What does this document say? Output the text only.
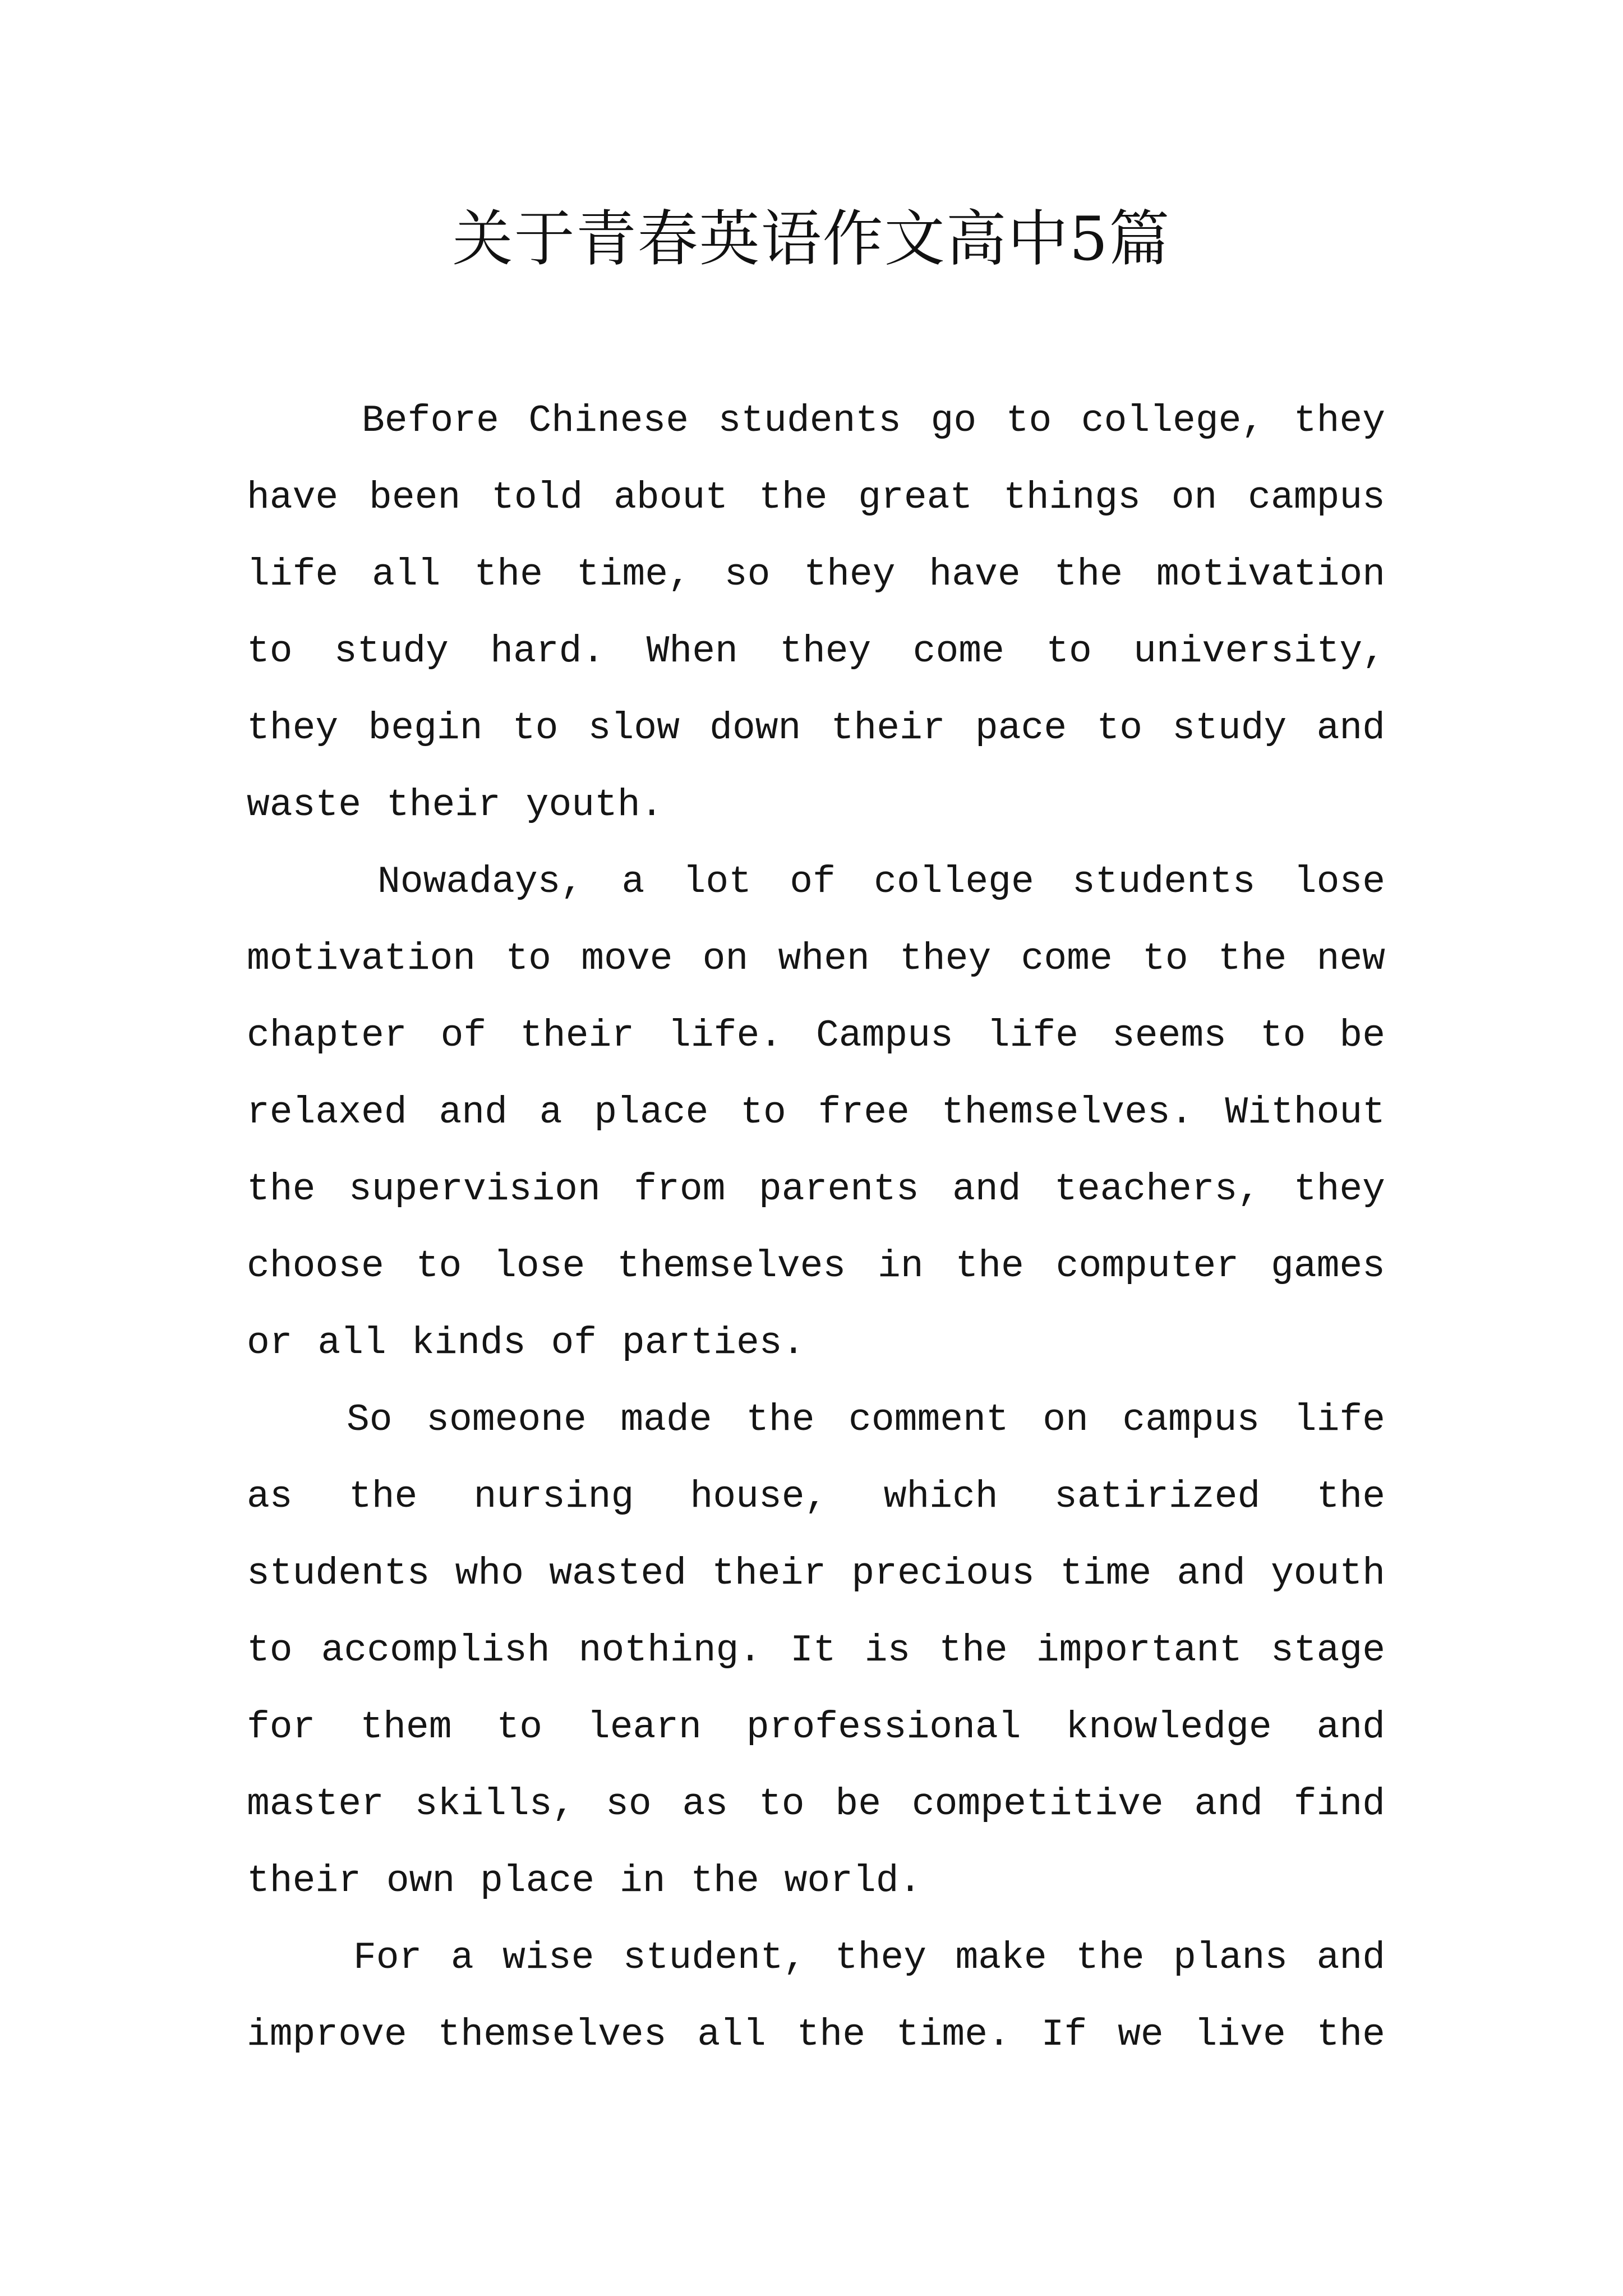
关于青春英语作文高中5篇

Before Chinese students go to college, they have been told about the great things on campus life all the time, so they have the motivation to study hard. When they come to university, they begin to slow down their pace to study and waste their youth.

Nowadays, a lot of college students lose motivation to move on when they come to the new chapter of their life. Campus life seems to be relaxed and a place to free themselves. Without the supervision from parents and teachers, they choose to lose themselves in the computer games or all kinds of parties.

So someone made the comment on campus life as the nursing house, which satirized the students who wasted their precious time and youth to accomplish nothing. It is the important stage for them to learn professional knowledge and master skills, so as to be competitive and find their own place in the world.

For a wise student, they make the plans and improve themselves all the time. If we live the
